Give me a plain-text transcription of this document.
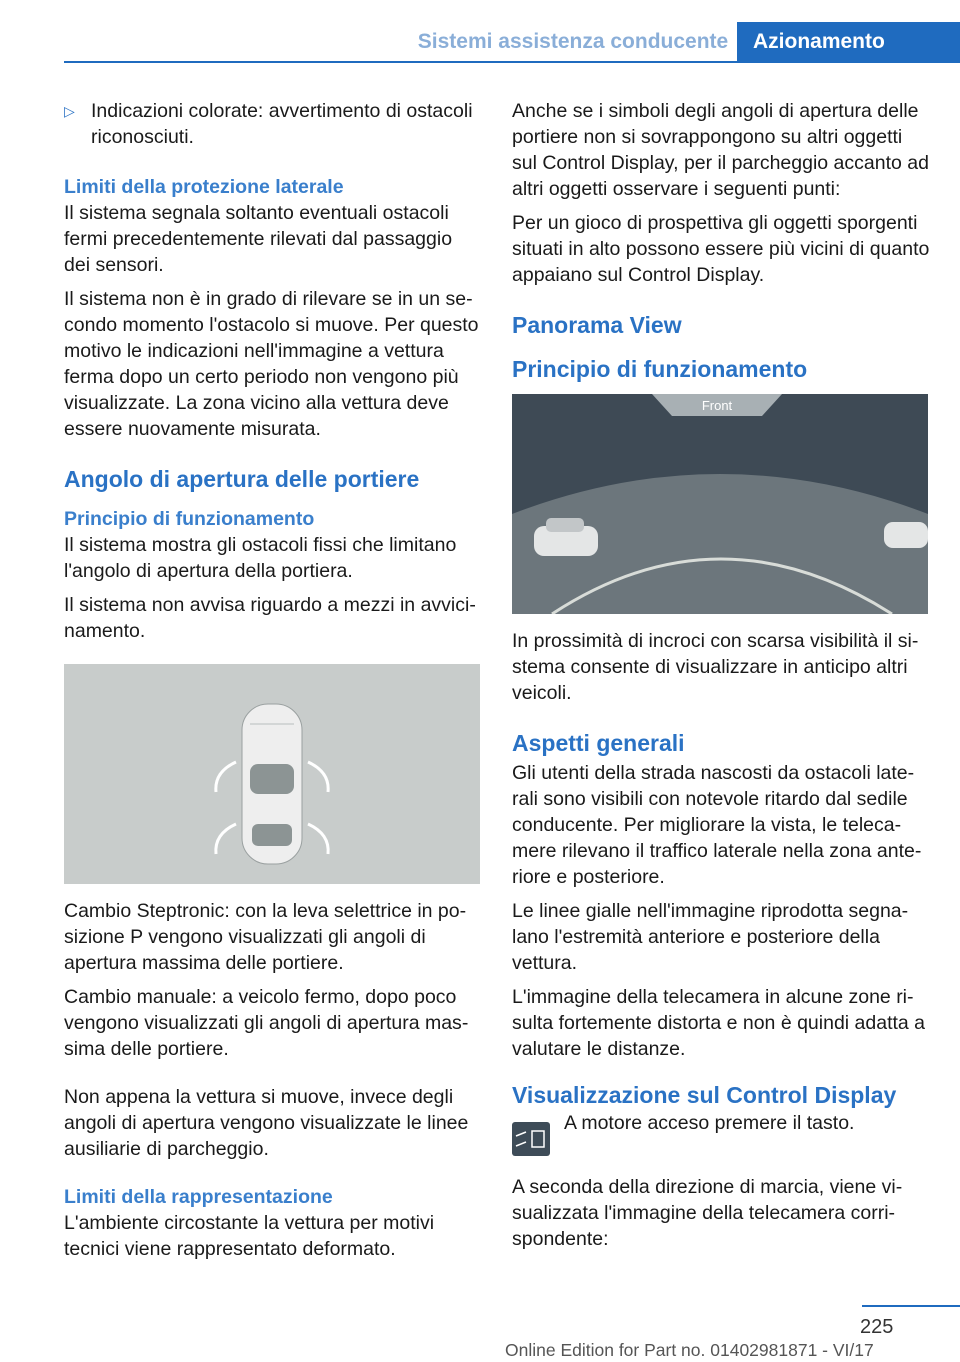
Sistemi assistenza conducente	Azionamento
▷ Indicazioni colorate: avvertimento di ostacoli riconosciuti.

Limiti della protezione laterale

Il sistema segnala soltanto eventuali ostacoli fermi precedentemente rilevati dal passaggio dei sensori.

Il sistema non è in grado di rilevare se in un secondo momento l'ostacolo si muove. Per questo motivo le indicazioni nell'immagine a vettura ferma dopo un certo periodo non vengono più visualizzate. La zona vicino alla vettura deve essere nuovamente misurata.

Angolo di apertura delle portiere
Principio di funzionamento

Il sistema mostra gli ostacoli fissi che limitano l'angolo di apertura della portiera.

Il sistema non avvisa riguardo a mezzi in avvicinamento.

Cambio Steptronic: con la leva selettrice in posizione P vengono visualizzati gli angoli di apertura massima delle portiere.

Cambio manuale: a veicolo fermo, dopo poco vengono visualizzati gli angoli di apertura massima delle portiere.

Non appena la vettura si muove, invece degli angoli di apertura vengono visualizzate le linee ausiliarie di parcheggio.

Limiti della rappresentazione

L'ambiente circostante la vettura per motivi tecnici viene rappresentato deformato.

Anche se i simboli degli angoli di apertura delle portiere non si sovrappongono su altri oggetti sul Control Display, per il parcheggio accanto ad altri oggetti osservare i seguenti punti:

Per un gioco di prospettiva gli oggetti sporgenti situati in alto possono essere più vicini di quanto appaiano sul Control Display.

Panorama View
Principio di funzionamento
Front

In prossimità di incroci con scarsa visibilità il sistema consente di visualizzare in anticipo altri veicoli.

Aspetti generali

Gli utenti della strada nascosti da ostacoli laterali sono visibili con notevole ritardo dal sedile conducente. Per migliorare la vista, le telecamere rilevano il traffico laterale nella zona anteriore e posteriore.

Le linee gialle nell'immagine riprodotta segnalano l'estremità anteriore e posteriore della vettura.

L'immagine della telecamera in alcune zone risulta fortemente distorta e non è quindi adatta a valutare le distanze.

Visualizzazione sul Control Display

A motore acceso premere il tasto.

A seconda della direzione di marcia, viene visualizzata l'immagine della telecamera corrispondente:

225
Online Edition for Part no. 01402981871 - VI/17
